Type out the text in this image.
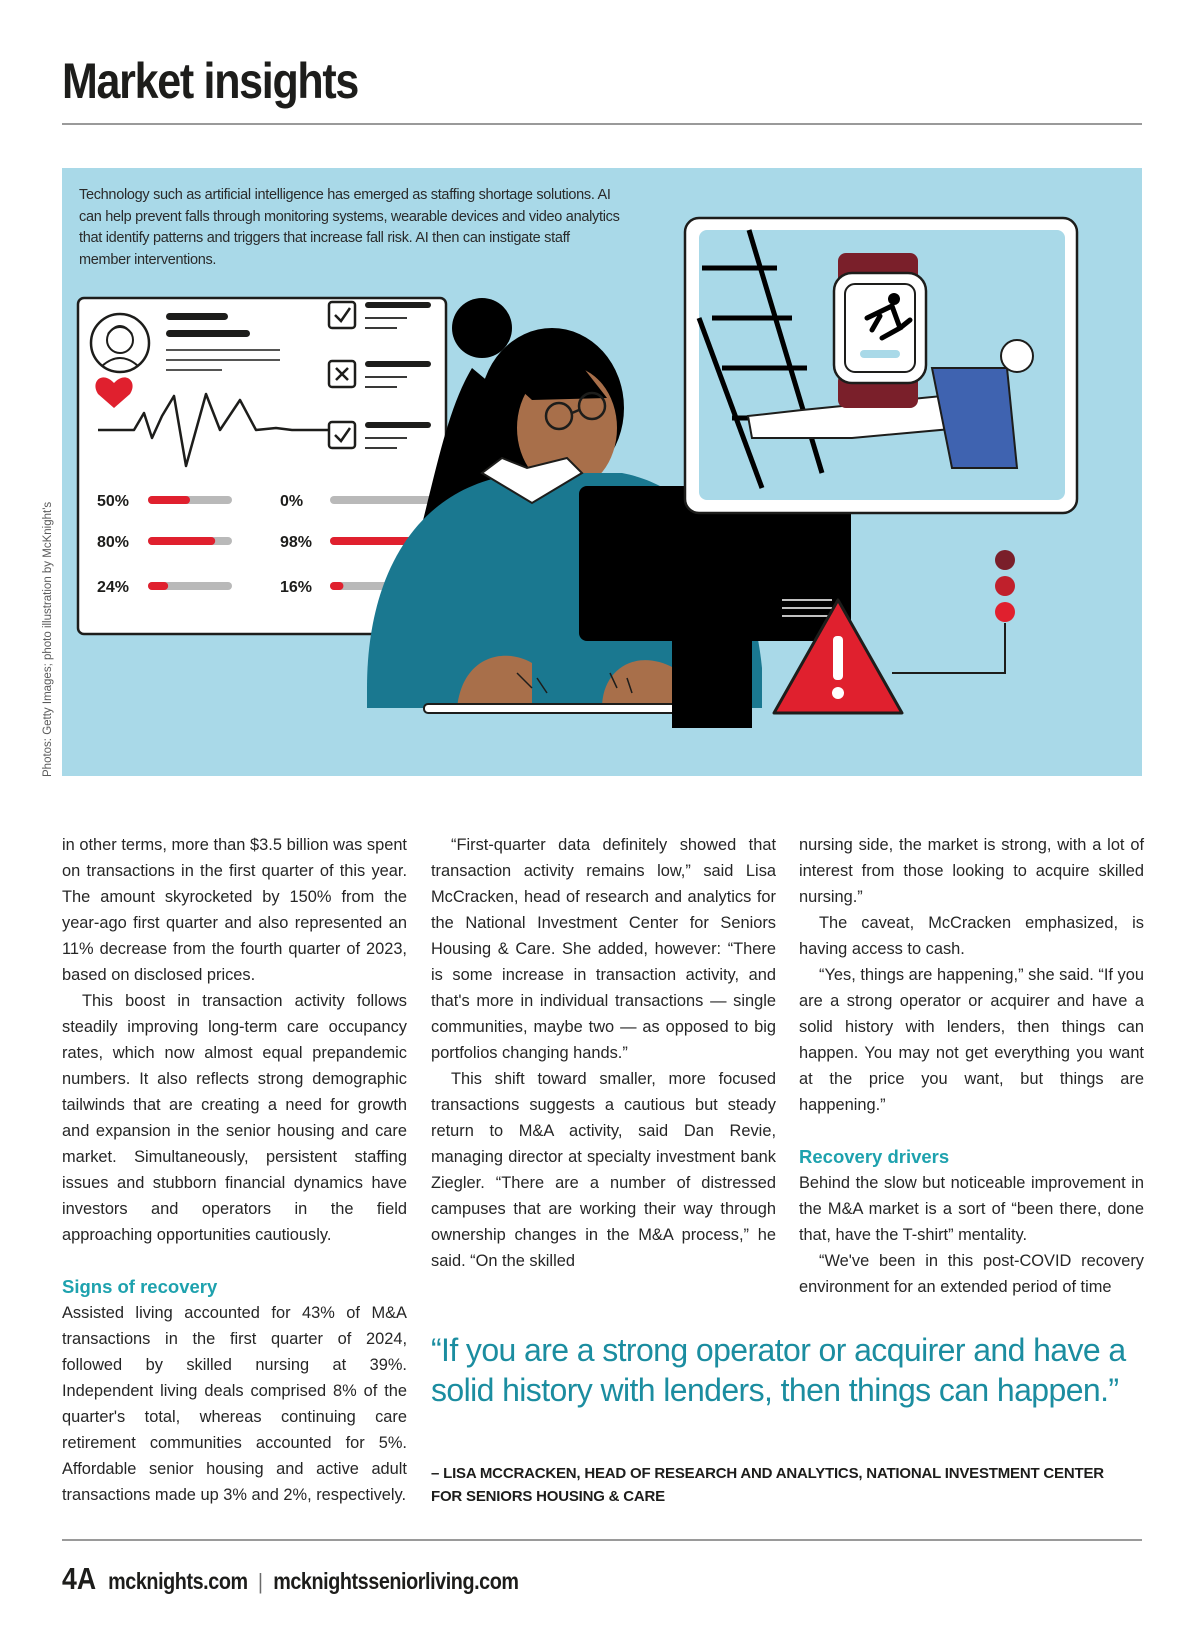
Market insights
50%
80%
24%
0%
98%
16%

Technology such as artificial intelligence has emerged as staffing shortage solutions. AI can help prevent falls through monitoring systems, wearable devices and video analytics that identify patterns and triggers that increase fall risk. AI then can instigate staff member interventions.

Photos: Getty Images; photo illustration by McKnight's

in other terms, more than $3.5 billion was spent on transactions in the first quarter of this year. The amount skyrocketed by 150% from the year-ago first quarter and also represented an 11% decrease from the fourth quarter of 2023, based on disclosed prices.

This boost in transaction activity follows steadily improving long-term care occupancy rates, which now almost equal prepandemic numbers. It also reflects strong demographic tailwinds that are creating a need for growth and expansion in the senior housing and care market. Simultaneously, persistent staffing issues and stubborn financial dynamics have investors and operators in the field approaching opportunities cautiously.

Signs of recovery

Assisted living accounted for 43% of M&A transactions in the first quarter of 2024, followed by skilled nursing at 39%. Independent living deals comprised 8% of the quarter's total, whereas continuing care retirement communities accounted for 5%. Affordable senior housing and active adult transactions made up 3% and 2%, respectively.

“First-quarter data definitely showed that transaction activity remains low,” said Lisa McCracken, head of research and analytics for the National Investment Center for Seniors Housing & Care. She added, however: “There is some increase in transaction activity, and that's more in individual transactions — single communities, maybe two — as opposed to big portfolios changing hands.”

This shift toward smaller, more focused transactions suggests a cautious but steady return to M&A activity, said Dan Revie, managing director at specialty investment bank Ziegler. “There are a number of distressed campuses that are working their way through ownership changes in the M&A process,” he said. “On the skilled

nursing side, the market is strong, with a lot of interest from those looking to acquire skilled nursing.”

The caveat, McCracken emphasized, is having access to cash.

“Yes, things are happening,” she said. “If you are a strong operator or acquirer and have a solid history with lenders, then things can happen. You may not get everything you want at the price you want, but things are happening.”

Recovery drivers

Behind the slow but noticeable improvement in the M&A market is a sort of “been there, done that, have the T-shirt” mentality.

“We've been in this post-COVID recovery environment for an extended period of time

“If you are a strong operator or acquirer and have a solid history with lenders, then things can happen.”

– LISA MCCRACKEN, HEAD OF RESEARCH AND ANALYTICS, NATIONAL INVESTMENT CENTER FOR SENIORS HOUSING & CARE

4A mcknights.com | mcknightsseniorliving.com
